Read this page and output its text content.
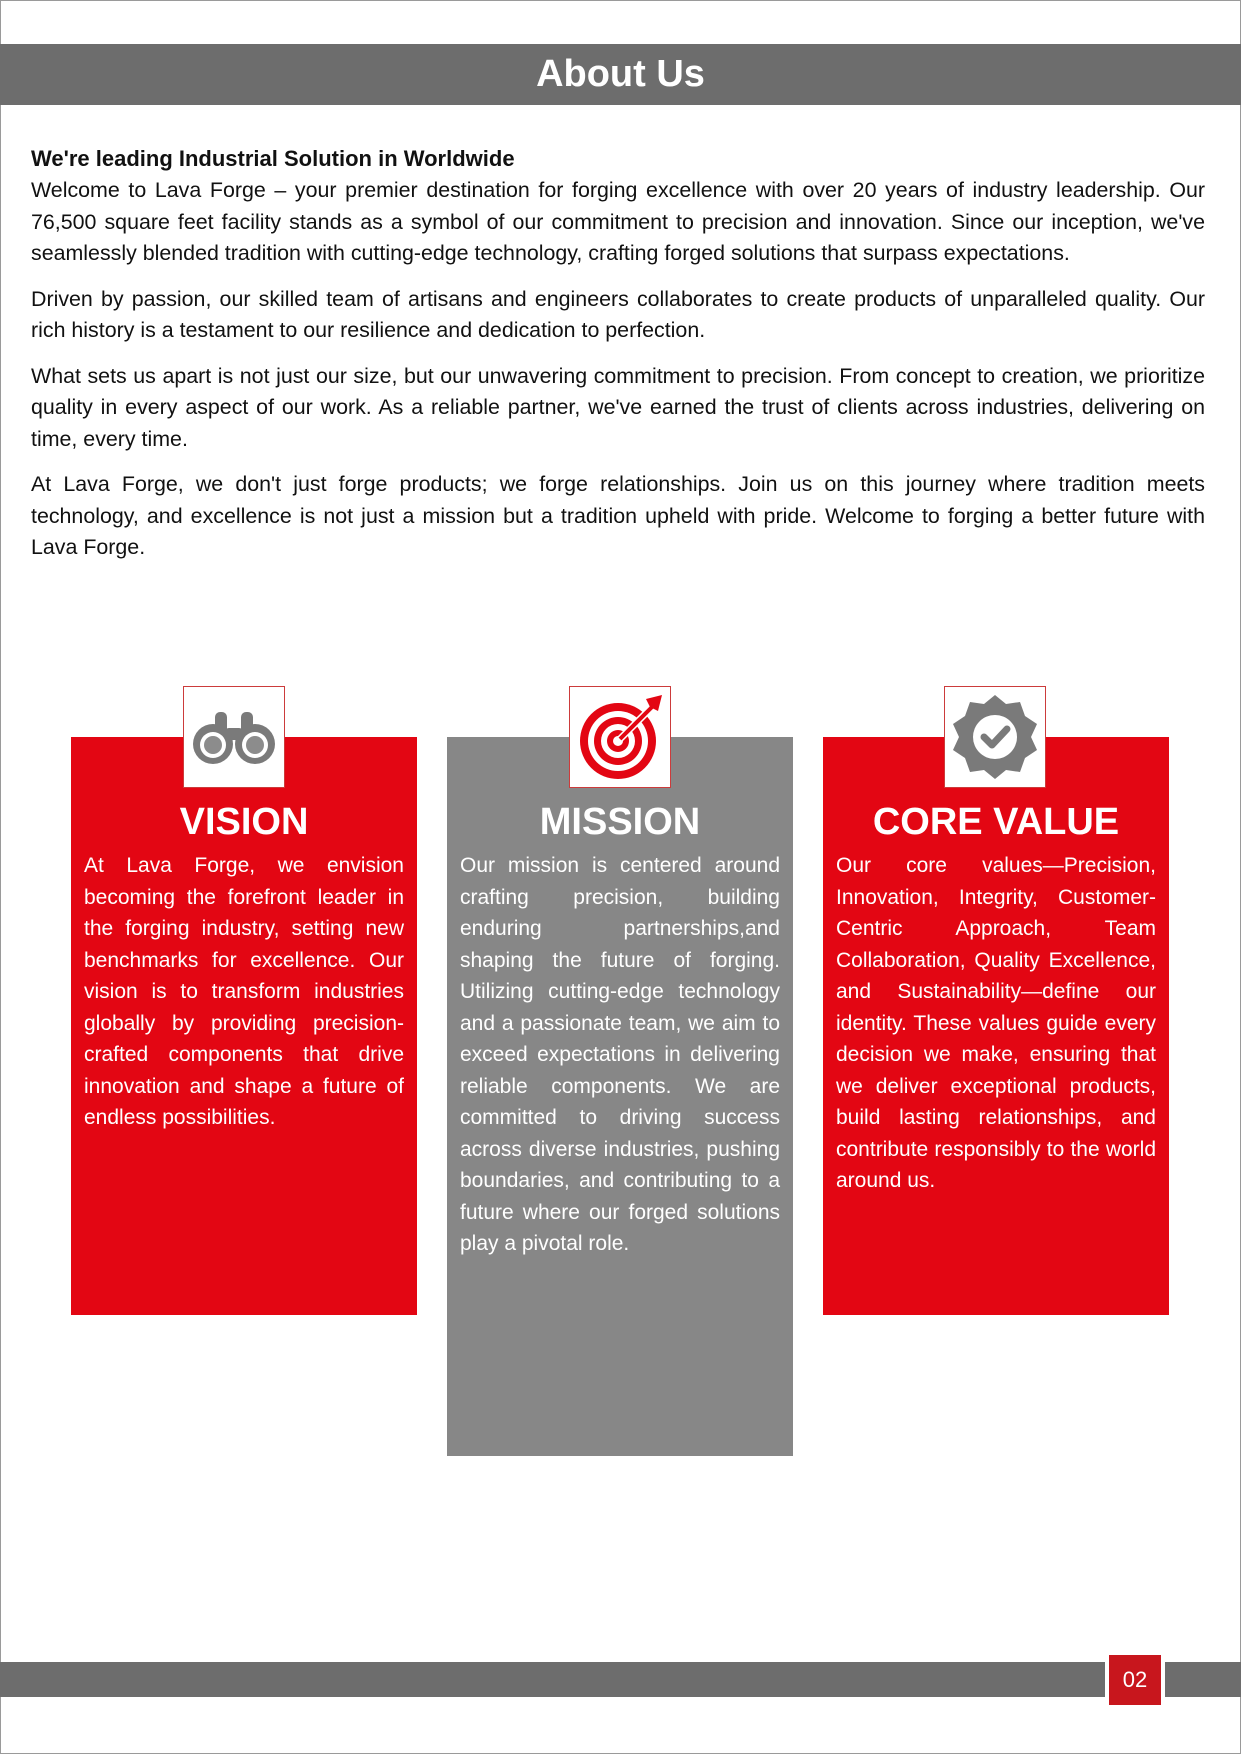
About Us
We're leading Industrial Solution in Worldwide

Welcome to Lava Forge – your premier destination for forging excellence with over 20 years of industry leadership. Our 76,500 square feet facility stands as a symbol of our commitment to precision and innovation. Since our inception, we've seamlessly blended tradition with cutting-edge technology, crafting forged solutions that surpass expectations.

Driven by passion, our skilled team of artisans and engineers collaborates to create products of unparalleled quality. Our rich history is a testament to our resilience and dedication to perfection.

What sets us apart is not just our size, but our unwavering commitment to precision. From concept to creation, we prioritize quality in every aspect of our work. As a reliable partner, we've earned the trust of clients across industries, delivering on time, every time.

At Lava Forge, we don't just forge products; we forge relationships. Join us on this journey where tradition meets technology, and excellence is not just a mission but a tradition upheld with pride. Welcome to forging a better future with Lava Forge.

VISION

At Lava Forge, we envision becoming the forefront leader in the forging industry, setting new benchmarks for excellence. Our vision is to transform industries globally by providing precision-crafted components that drive innovation and shape a future of endless possibilities.

MISSION

Our mission is centered around crafting precision, building enduring partnerships,and shaping the future of forging. Utilizing cutting-edge technology and a passionate team, we aim to exceed expectations in delivering reliable components. We are committed to driving success across diverse industries, pushing boundaries, and contributing to a future where our forged solutions play a pivotal role.

CORE VALUE

Our core values—Precision, Innovation, Integrity, Customer-Centric Approach, Team Collaboration, Quality Excellence, and Sustainability—define our identity. These values guide every decision we make, ensuring that we deliver exceptional products, build lasting relationships, and contribute responsibly to the world around us.

02
